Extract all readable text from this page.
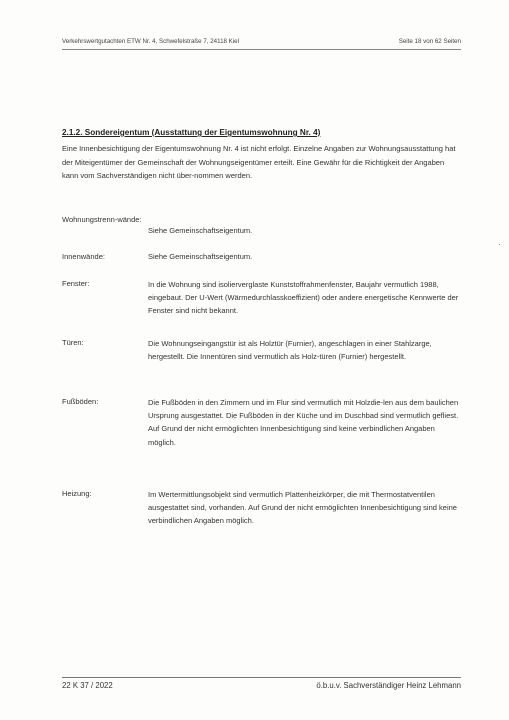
Verkehrswertgutachten ETW Nr. 4, Schwefelstraße 7, 24118 Kiel	Seite 18 von 62 Seiten
2.1.2. Sondereigentum (Ausstattung der Eigentumswohnung Nr. 4)

Eine Innenbesichtigung der Eigentumswohnung Nr. 4 ist nicht erfolgt. Einzelne Angaben zur Wohnungsausstattung hat der Miteigentümer der Gemeinschaft der Wohnungseigentümer erteilt. Eine Gewähr für die Richtigkeit der Angaben kann vom Sachverständigen nicht über-nommen werden.

Wohnungstrenn-wände:
Siehe Gemeinschaftseigentum.
Innenwände:	Siehe Gemeinschaftseigentum.
Fenster:	In die Wohnung sind isolierverglaste Kunststoffrahmenfenster, Baujahr vermutlich 1988, eingebaut. Der U-Wert (Wärmedurchlasskoeffizient) oder andere energetische Kennwerte der Fenster sind nicht bekannt.
Türen:	Die Wohnungseingangstür ist als Holztür (Furnier), angeschlagen in einer Stahlzarge, hergestellt. Die Innentüren sind vermutlich als Holz-türen (Furnier) hergestellt.
Fußböden:	Die Fußböden in den Zimmern und im Flur sind vermutlich mit Holzdie-len aus dem baulichen Ursprung ausgestattet. Die Fußböden in der Küche und im Duschbad sind vermutlich gefliest. Auf Grund der nicht ermöglichten Innenbesichtigung sind keine verbindlichen Angaben möglich.
Heizung:	Im Wertermittlungsobjekt sind vermutlich Plattenheizkörper, die mit Thermostatventilen ausgestattet sind, vorhanden. Auf Grund der nicht ermöglichten Innenbesichtigung sind keine verbindlichen Angaben möglich.
22 K 37 / 2022	ö.b.u.v. Sachverständiger Heinz Lehmann
